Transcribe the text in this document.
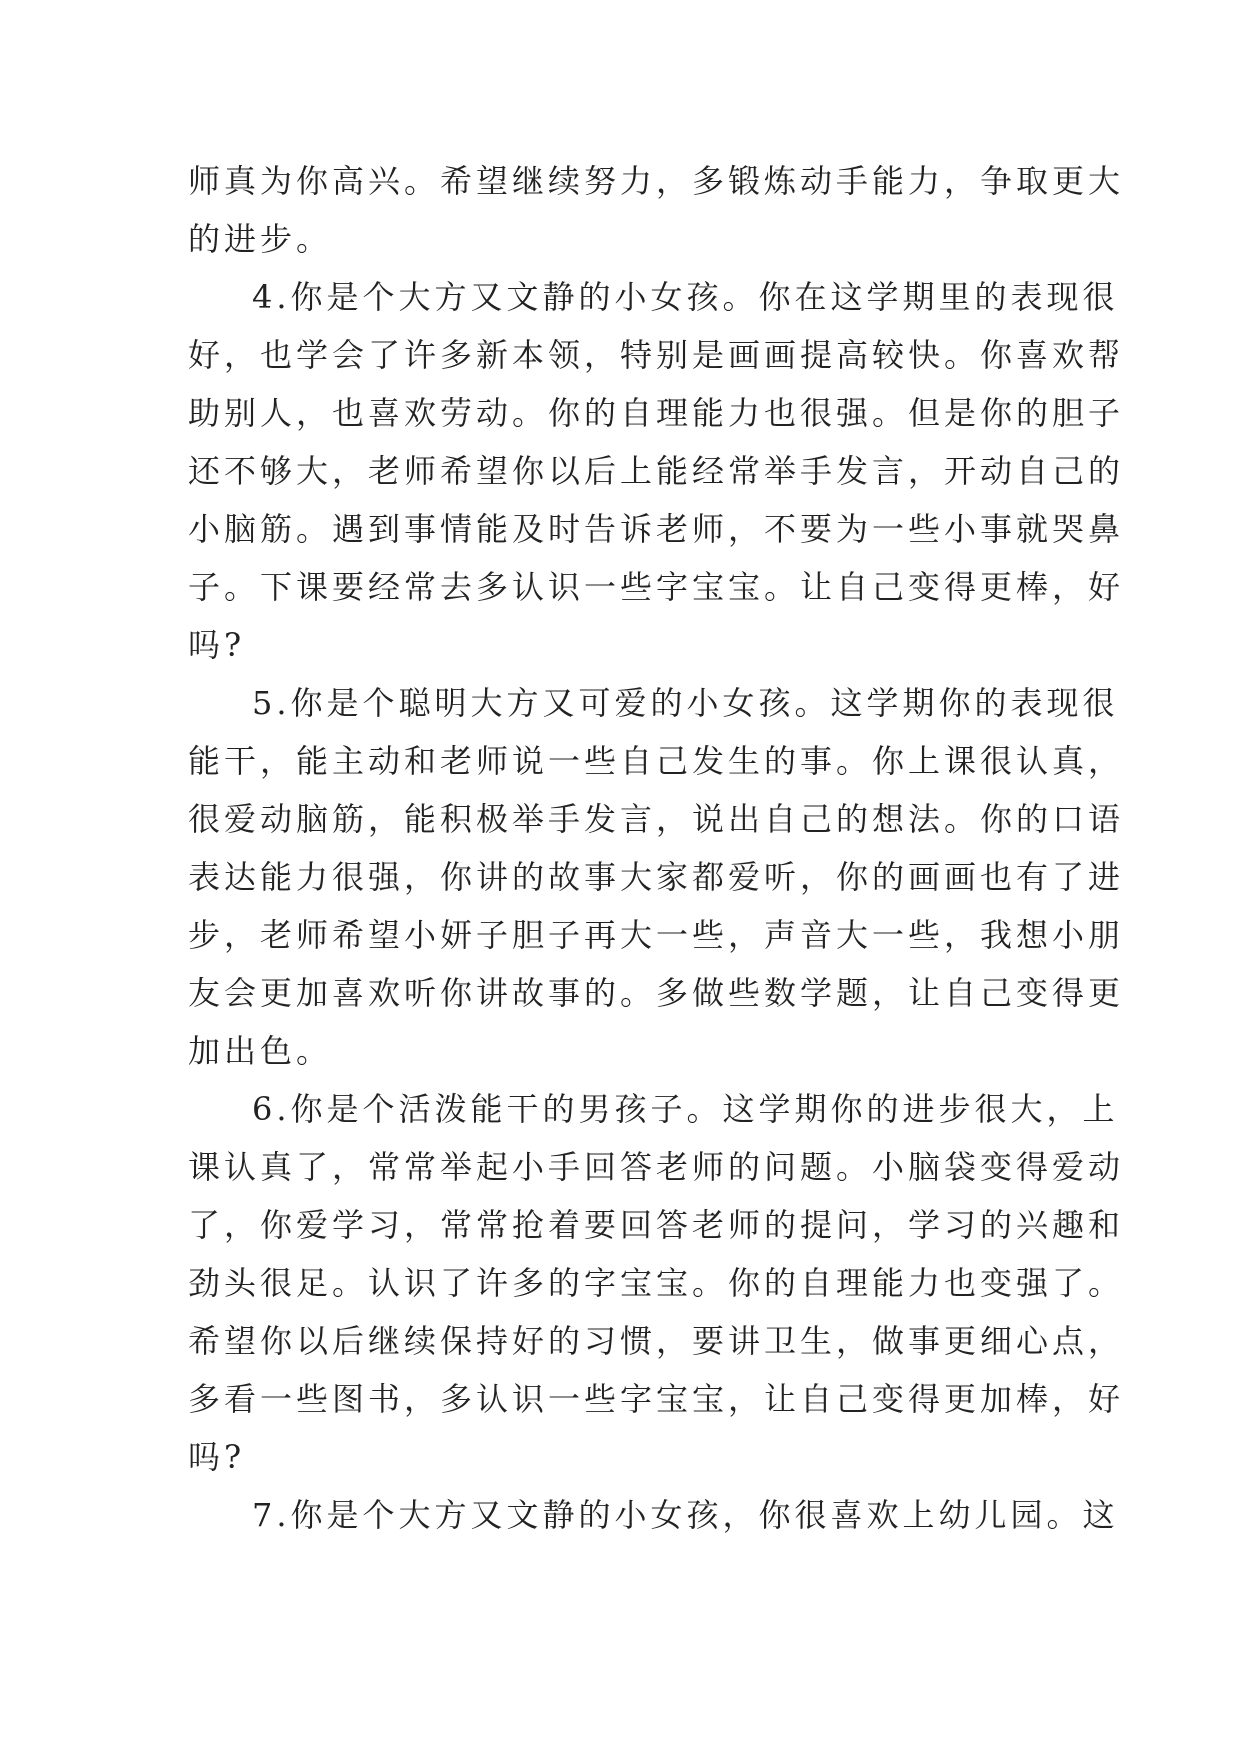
师真为你高兴。希望继续努力，多锻炼动手能力，争取更大
的进步。
4.你是个大方又文静的小女孩。你在这学期里的表现很
好，也学会了许多新本领，特别是画画提高较快。你喜欢帮
助别人，也喜欢劳动。你的自理能力也很强。但是你的胆子
还不够大，老师希望你以后上能经常举手发言，开动自己的
小脑筋。遇到事情能及时告诉老师，不要为一些小事就哭鼻
子。下课要经常去多认识一些字宝宝。让自己变得更棒，好
吗?
5.你是个聪明大方又可爱的小女孩。这学期你的表现很
能干，能主动和老师说一些自己发生的事。你上课很认真，
很爱动脑筋，能积极举手发言，说出自己的想法。你的口语
表达能力很强，你讲的故事大家都爱听，你的画画也有了进
步，老师希望小妍子胆子再大一些，声音大一些，我想小朋
友会更加喜欢听你讲故事的。多做些数学题，让自己变得更
加出色。
6.你是个活泼能干的男孩子。这学期你的进步很大，上
课认真了，常常举起小手回答老师的问题。小脑袋变得爱动
了，你爱学习，常常抢着要回答老师的提问，学习的兴趣和
劲头很足。认识了许多的字宝宝。你的自理能力也变强了。
希望你以后继续保持好的习惯，要讲卫生，做事更细心点，
多看一些图书，多认识一些字宝宝，让自己变得更加棒，好
吗?
7.你是个大方又文静的小女孩，你很喜欢上幼儿园。这
